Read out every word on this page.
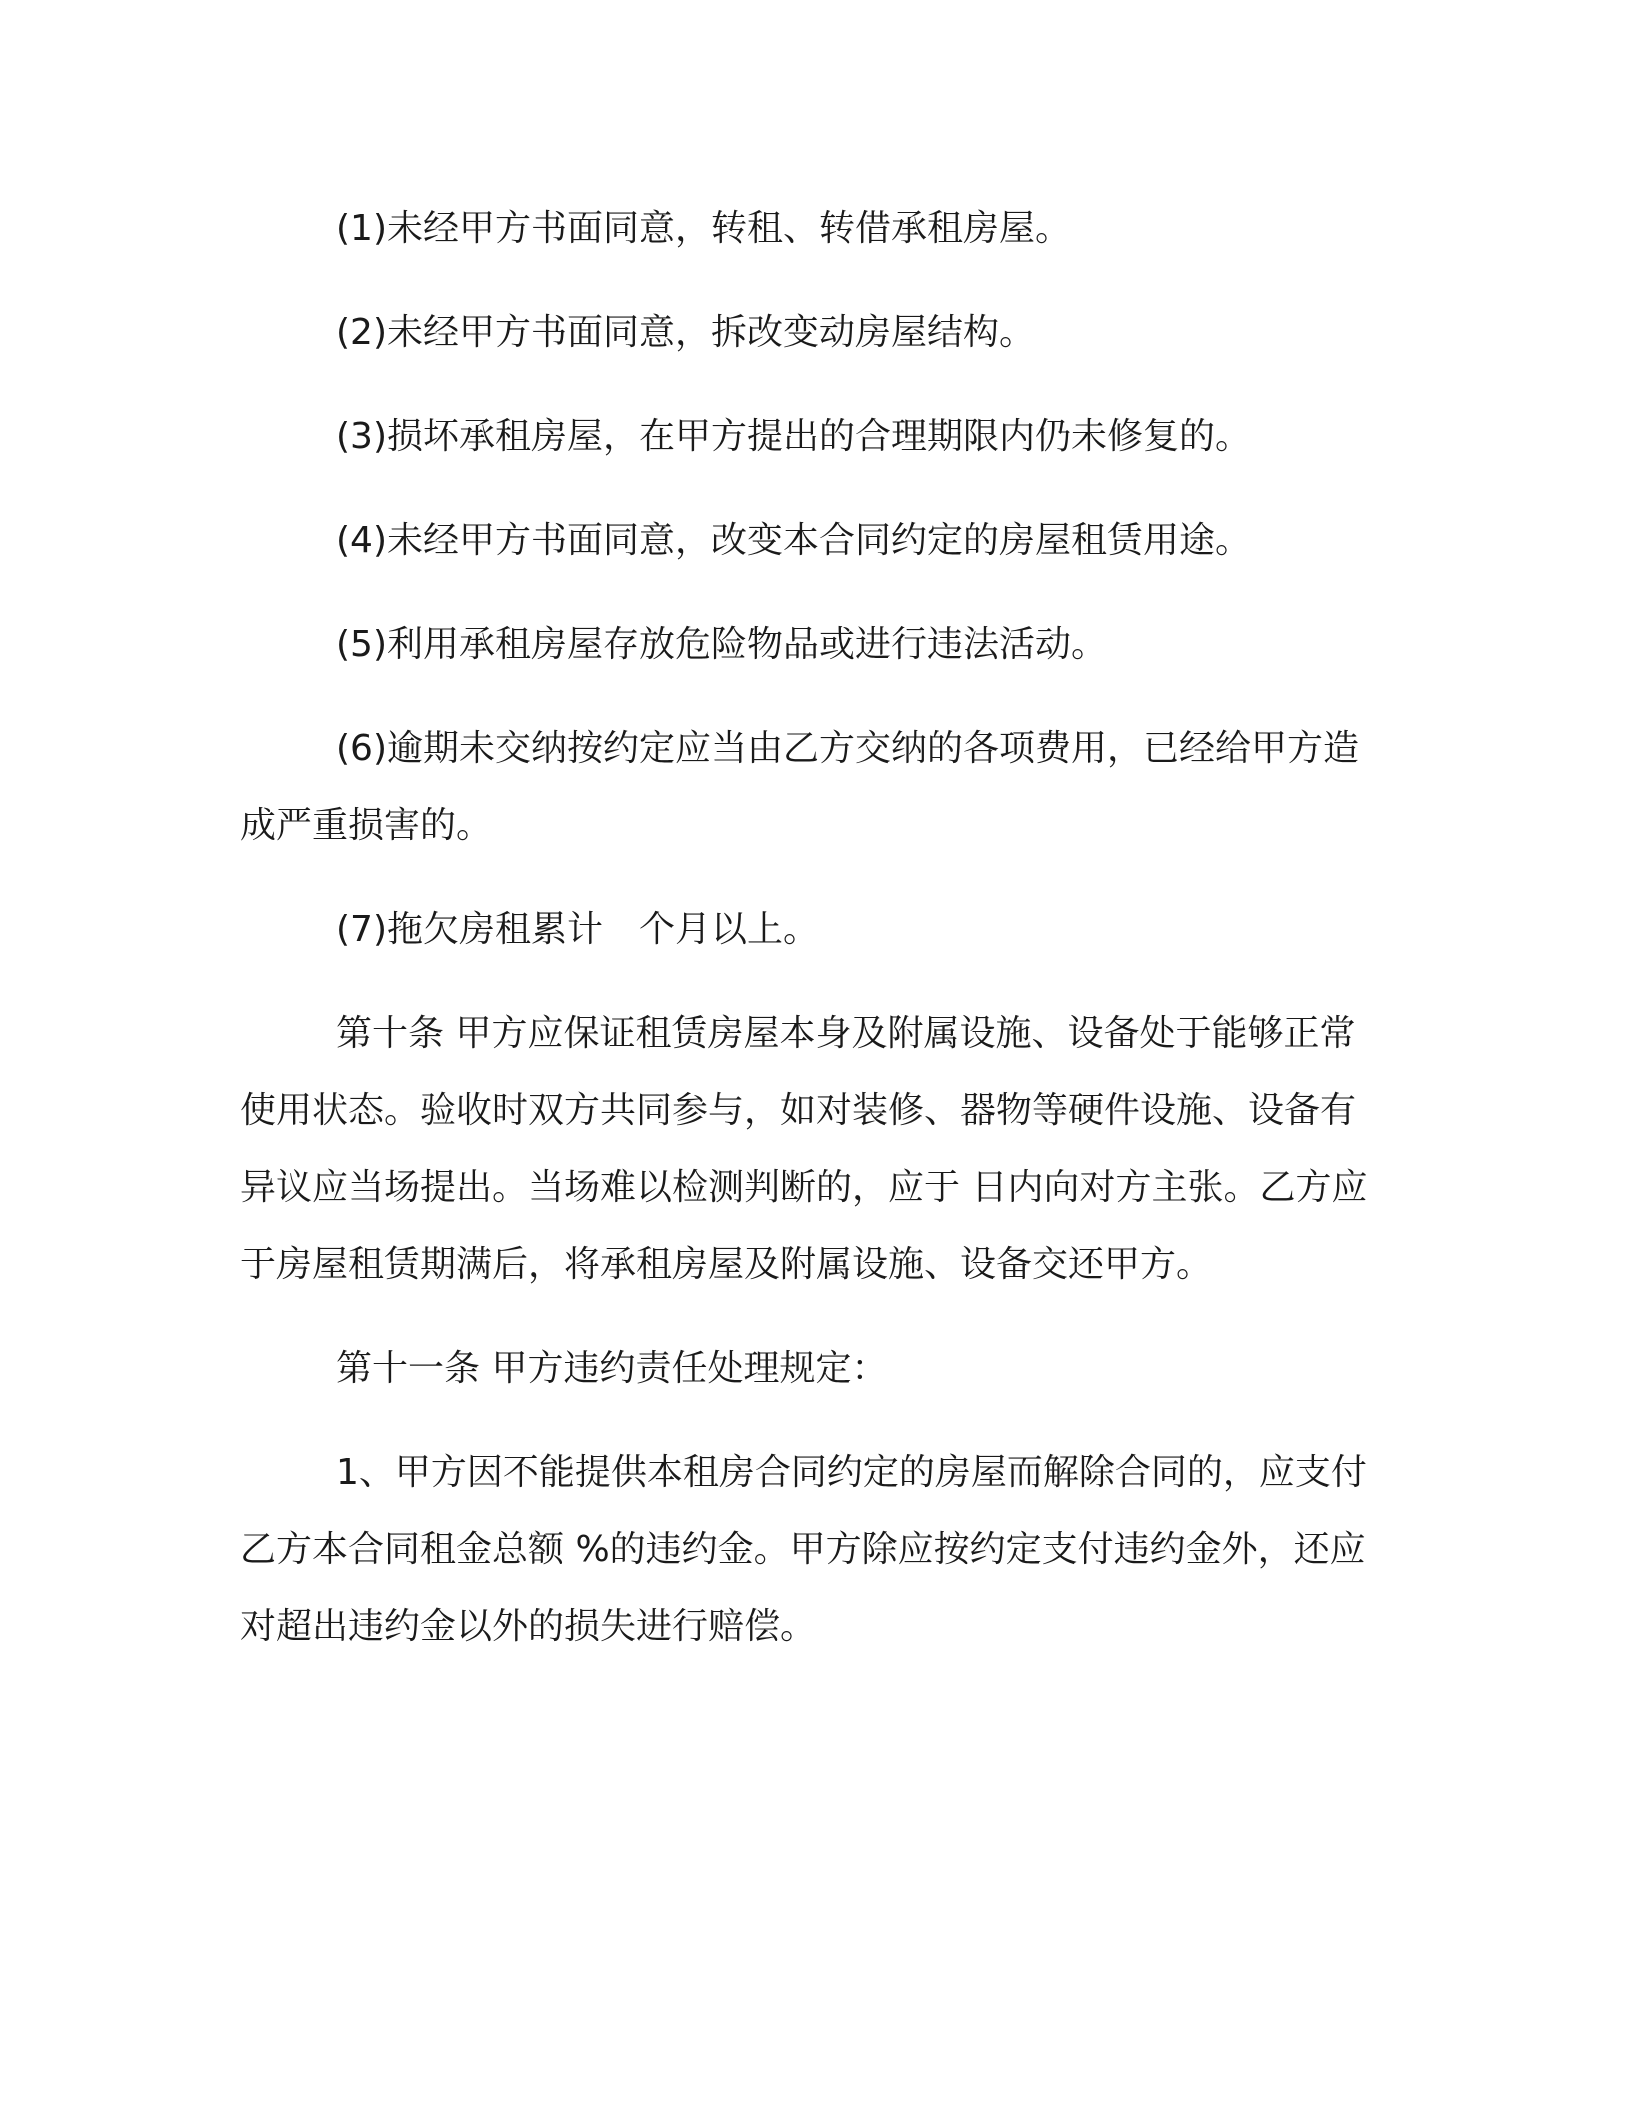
(1)未经甲方书面同意，转租、转借承租房屋。

(2)未经甲方书面同意，拆改变动房屋结构。

(3)损坏承租房屋，在甲方提出的合理期限内仍未修复的。

(4)未经甲方书面同意，改变本合同约定的房屋租赁用途。

(5)利用承租房屋存放危险物品或进行违法活动。

(6)逾期未交纳按约定应当由乙方交纳的各项费用，已经给甲方造成严重损害的。

(7)拖欠房租累计　个月以上。

第十条 甲方应保证租赁房屋本身及附属设施、设备处于能够正常使用状态。验收时双方共同参与，如对装修、器物等硬件设施、设备有异议应当场提出。当场难以检测判断的，应于 日内向对方主张。乙方应于房屋租赁期满后，将承租房屋及附属设施、设备交还甲方。

第十一条 甲方违约责任处理规定：

1、甲方因不能提供本租房合同约定的房屋而解除合同的，应支付乙方本合同租金总额 %的违约金。甲方除应按约定支付违约金外，还应对超出违约金以外的损失进行赔偿。
